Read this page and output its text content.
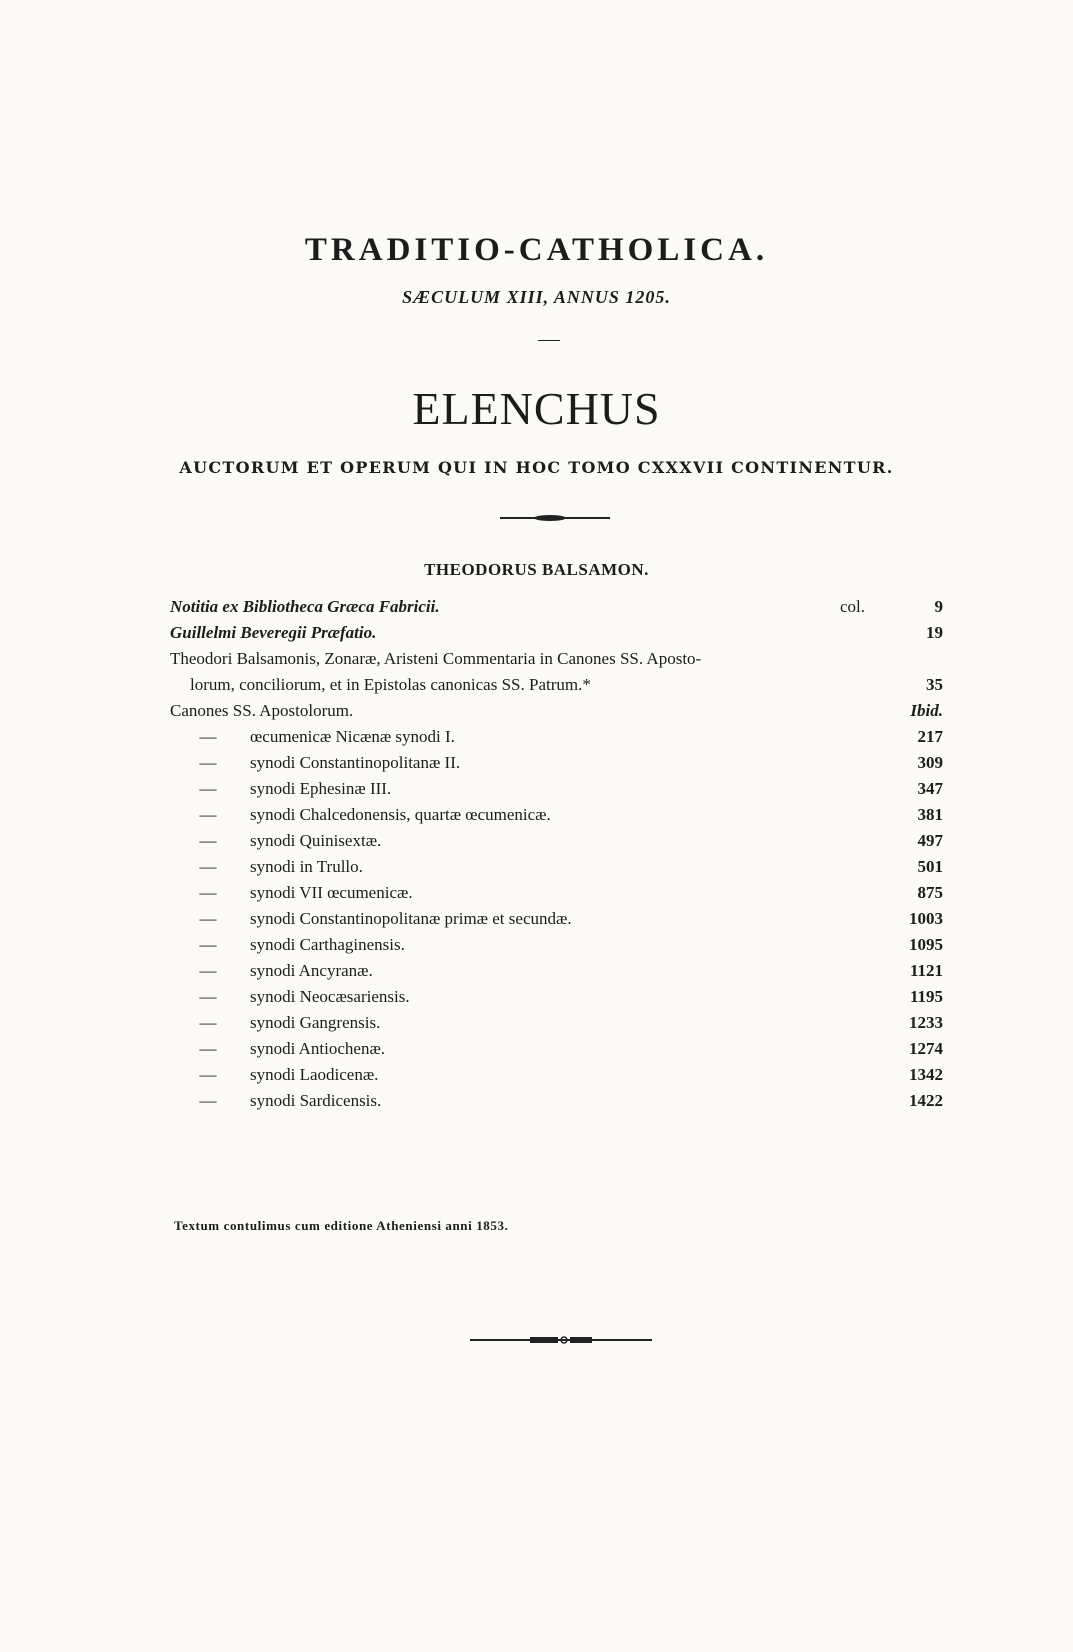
TRADITIO-CATHOLICA.
SÆCULUM XIII, ANNUS 1205.
ELENCHUS
AUCTORUM ET OPERUM QUI IN HOC TOMO CXXXVII CONTINENTUR.
THEODORUS BALSAMON.
Notitia ex Bibliotheca Græca Fabricii.	col.	9
Guillelmi Beveregii Præfatio.	19
Theodori Balsamonis, Zonaræ, Aristeni Commentaria in Canones SS. Aposto-
lorum, conciliorum, et in Epistolas canonicas SS. Patrum.*	35
Canones SS. Apostolorum.	Ibid.
— œcumenicæ Nicænæ synodi I.	217
— synodi Constantinopolitanæ II.	309
— synodi Ephesinæ III.	347
— synodi Chalcedonensis, quartæ œcumenicæ.	381
— synodi Quinisextæ.	497
— synodi in Trullo.	501
— synodi VII œcumenicæ.	875
— synodi Constantinopolitanæ primæ et secundæ.	1003
— synodi Carthaginensis.	1095
— synodi Ancyranæ.	1121
— synodi Neocæsariensis.	1195
— synodi Gangrensis.	1233
— synodi Antiochenæ.	1274
— synodi Laodicenæ.	1342
— synodi Sardicensis.	1422
Textum contulimus cum editione Atheniensi anni 1853.
